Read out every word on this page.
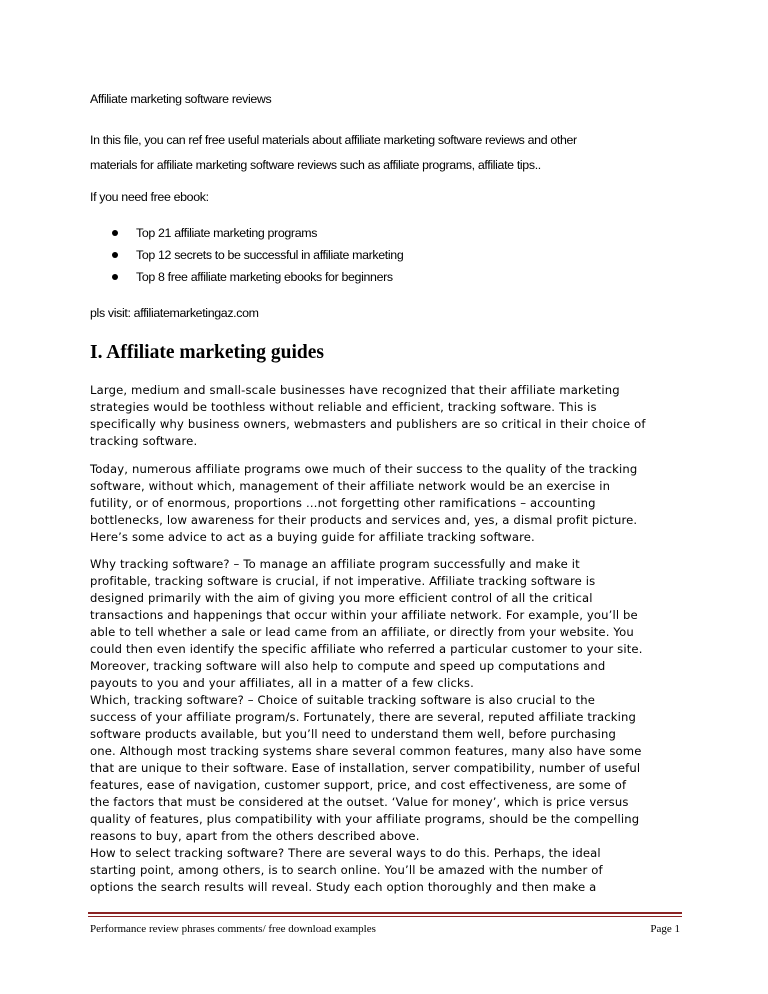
Affiliate marketing software reviews
In this file, you can ref free useful materials about affiliate marketing software reviews and other
materials for affiliate marketing software reviews such as affiliate programs, affiliate tips..
If you need free ebook:
Top 21 affiliate marketing programs
Top 12 secrets to be successful in affiliate marketing
Top 8 free affiliate marketing ebooks for beginners
pls visit: affiliatemarketingaz.com
I. Affiliate marketing guides
Large, medium and small-scale businesses have recognized that their affiliate marketing
strategies would be toothless without reliable and efficient, tracking software. This is
specifically why business owners, webmasters and publishers are so critical in their choice of
tracking software.
Today, numerous affiliate programs owe much of their success to the quality of the tracking
software, without which, management of their affiliate network would be an exercise in
futility, or of enormous, proportions …not forgetting other ramifications – accounting
bottlenecks, low awareness for their products and services and, yes, a dismal profit picture.
Here’s some advice to act as a buying guide for affiliate tracking software.
Why tracking software? – To manage an affiliate program successfully and make it
profitable, tracking software is crucial, if not imperative. Affiliate tracking software is
designed primarily with the aim of giving you more efficient control of all the critical
transactions and happenings that occur within your affiliate network. For example, you’ll be
able to tell whether a sale or lead came from an affiliate, or directly from your website. You
could then even identify the specific affiliate who referred a particular customer to your site.
Moreover, tracking software will also help to compute and speed up computations and
payouts to you and your affiliates, all in a matter of a few clicks.
Which, tracking software? – Choice of suitable tracking software is also crucial to the
success of your affiliate program/s. Fortunately, there are several, reputed affiliate tracking
software products available, but you’ll need to understand them well, before purchasing
one. Although most tracking systems share several common features, many also have some
that are unique to their software. Ease of installation, server compatibility, number of useful
features, ease of navigation, customer support, price, and cost effectiveness, are some of
the factors that must be considered at the outset. ‘Value for money’, which is price versus
quality of features, plus compatibility with your affiliate programs, should be the compelling
reasons to buy, apart from the others described above.
How to select tracking software? There are several ways to do this. Perhaps, the ideal
starting point, among others, is to search online. You’ll be amazed with the number of
options the search results will reveal. Study each option thoroughly and then make a
Performance review phrases comments/ free download examples	Page 1
